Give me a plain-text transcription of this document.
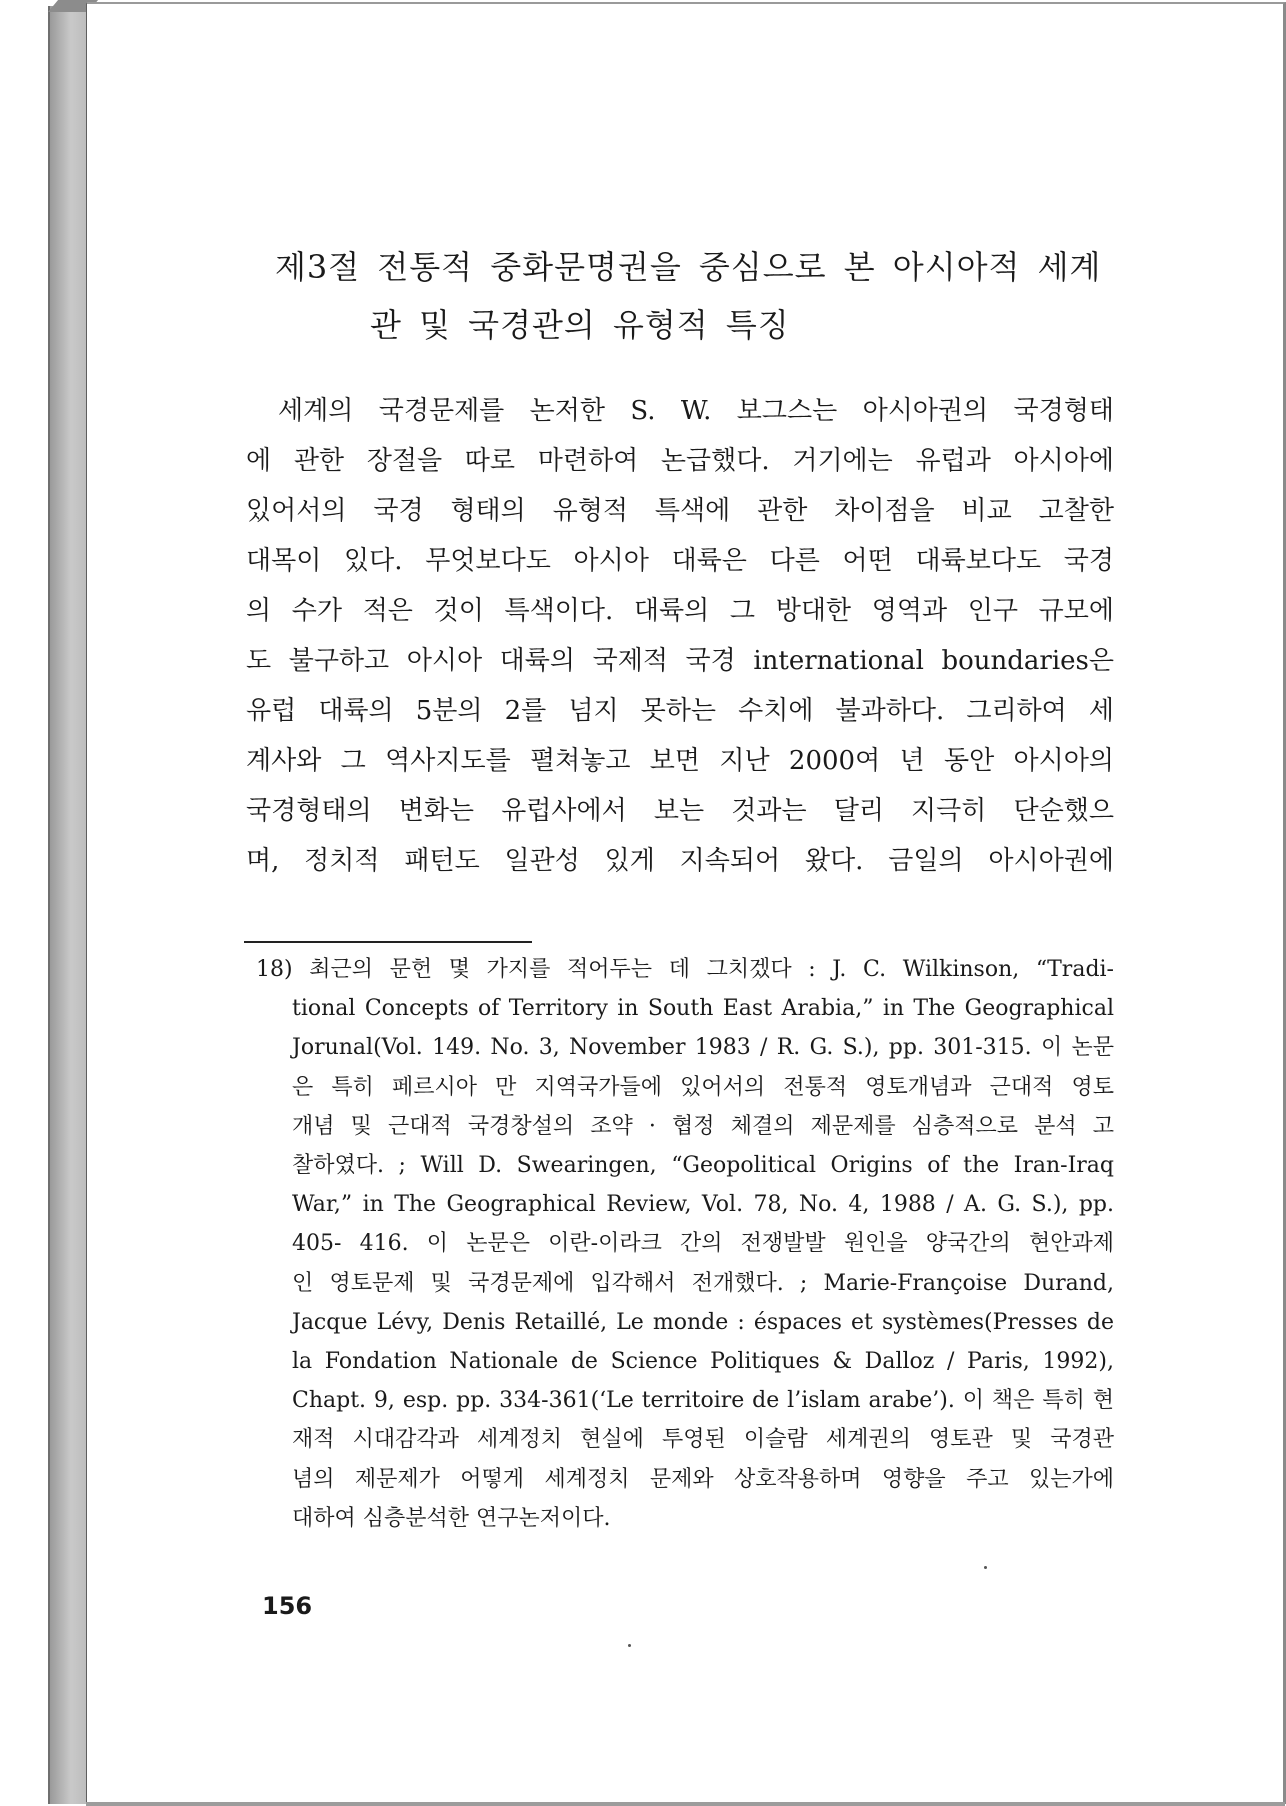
제3절 전통적 중화문명권을 중심으로 본 아시아적 세계
관 및 국경관의 유형적 특징
세계의 국경문제를 논저한 S. W. 보그스는 아시아권의 국경형태
에 관한 장절을 따로 마련하여 논급했다. 거기에는 유럽과 아시아에
있어서의 국경 형태의 유형적 특색에 관한 차이점을 비교 고찰한
대목이 있다. 무엇보다도 아시아 대륙은 다른 어떤 대륙보다도 국경
의 수가 적은 것이 특색이다. 대륙의 그 방대한 영역과 인구 규모에
도 불구하고 아시아 대륙의 국제적 국경 international boundaries은
유럽 대륙의 5분의 2를 넘지 못하는 수치에 불과하다. 그리하여 세
계사와 그 역사지도를 펼쳐놓고 보면 지난 2000여 년 동안 아시아의
국경형태의 변화는 유럽사에서 보는 것과는 달리 지극히 단순했으
며, 정치적 패턴도 일관성 있게 지속되어 왔다. 금일의 아시아권에
18) 최근의 문헌 몇 가지를 적어두는 데 그치겠다 : J. C. Wilkinson, “Tradi-
tional Concepts of Territory in South East Arabia,” in The Geographical
Jorunal(Vol. 149. No. 3, November 1983 / R. G. S.), pp. 301-315. 이 논문
은 특히 페르시아 만 지역국가들에 있어서의 전통적 영토개념과 근대적 영토
개념 및 근대적 국경창설의 조약 · 협정 체결의 제문제를 심층적으로 분석 고
찰하였다. ; Will D. Swearingen, “Geopolitical Origins of the Iran-Iraq
War,” in The Geographical Review, Vol. 78, No. 4, 1988 / A. G. S.), pp.
405- 416. 이 논문은 이란-이라크 간의 전쟁발발 원인을 양국간의 현안과제
인 영토문제 및 국경문제에 입각해서 전개했다. ; Marie-Françoise Durand,
Jacque Lévy, Denis Retaillé, Le monde : éspaces et systèmes(Presses de
la Fondation Nationale de Science Politiques & Dalloz / Paris, 1992),
Chapt. 9, esp. pp. 334-361(‘Le territoire de l’islam arabe’). 이 책은 특히 현
재적 시대감각과 세계정치 현실에 투영된 이슬람 세계권의 영토관 및 국경관
념의 제문제가 어떻게 세계정치 문제와 상호작용하며 영향을 주고 있는가에
대하여 심층분석한 연구논저이다.
156
